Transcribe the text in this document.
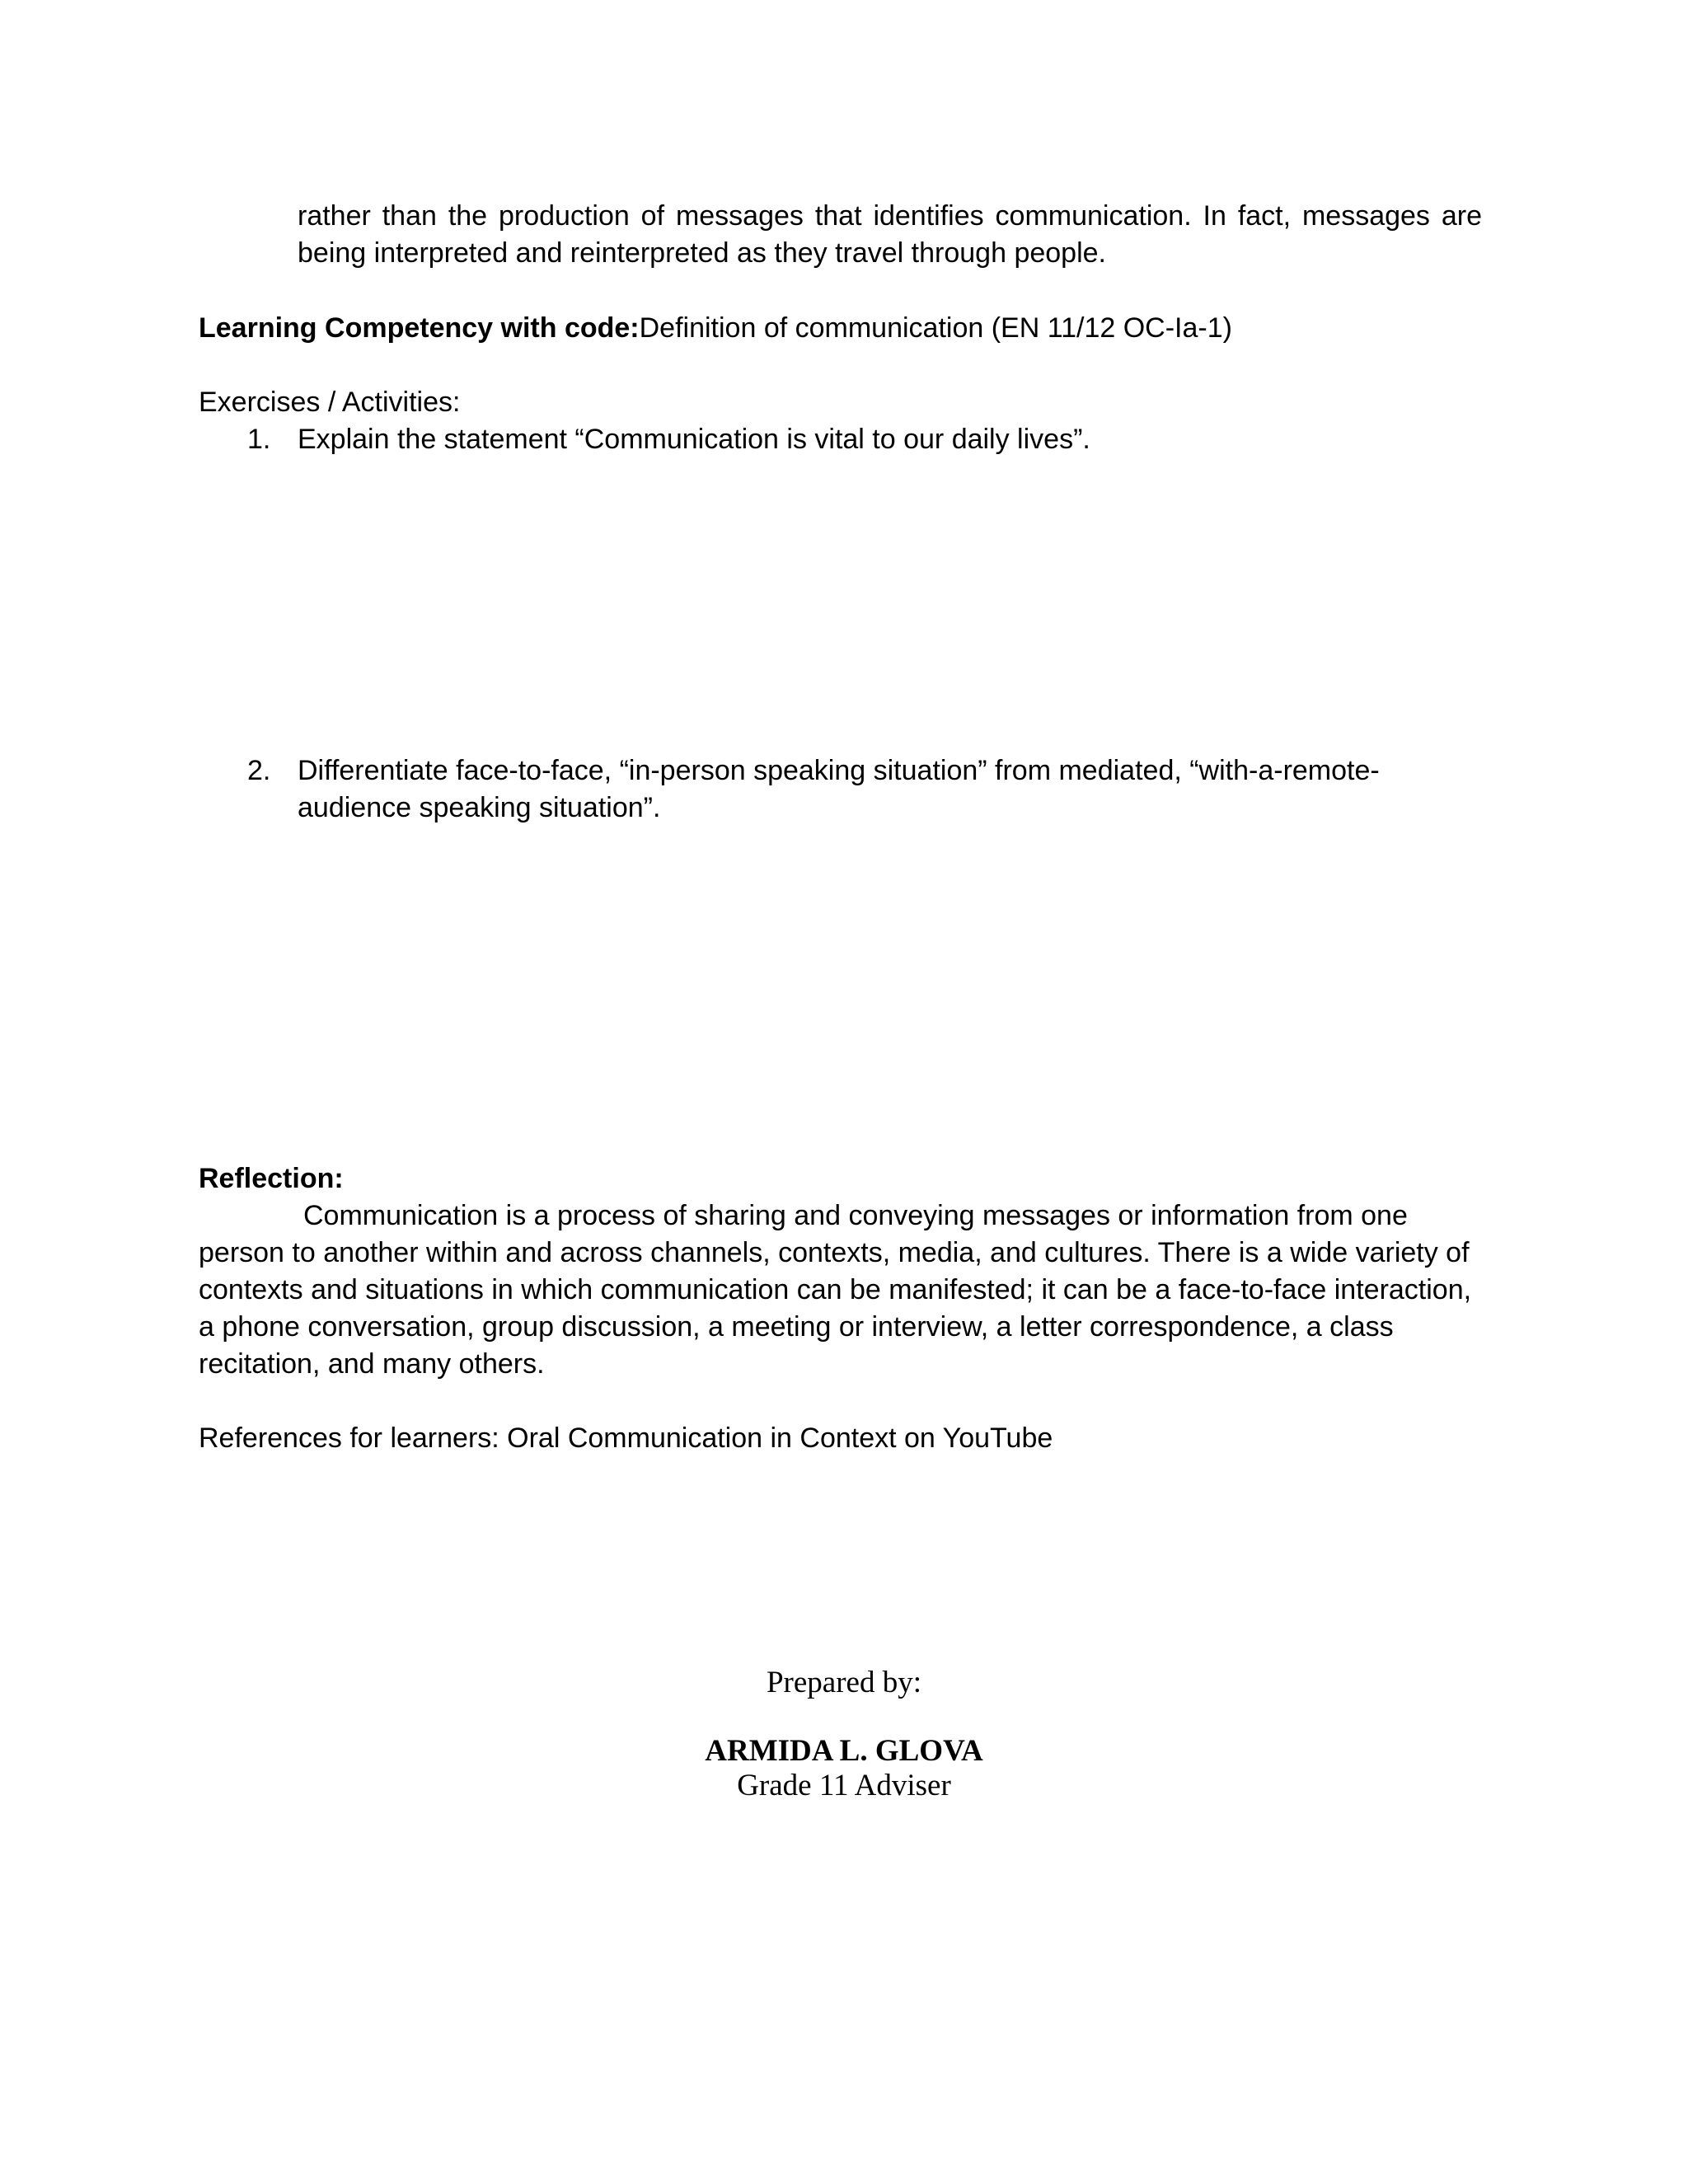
rather than the production of messages that identifies communication. In fact, messages are being interpreted and reinterpreted as they travel through people.

Learning Competency with code:Definition of communication (EN 11/12 OC-Ia-1)

Exercises / Activities:

1. Explain the statement “Communication is vital to our daily lives”.
2. Differentiate face-to-face, “in-person speaking situation” from mediated, “with-a-remote-
audience speaking situation”.

Reflection:

Communication is a process of sharing and conveying messages or information from one person to another within and across channels, contexts, media, and cultures. There is a wide variety of contexts and situations in which communication can be manifested; it can be a face-to-face interaction, a phone conversation, group discussion, a meeting or interview, a letter correspondence, a class recitation, and many others.

References for learners: Oral Communication in Context on YouTube

Prepared by:
ARMIDA L. GLOVA
Grade 11 Adviser
